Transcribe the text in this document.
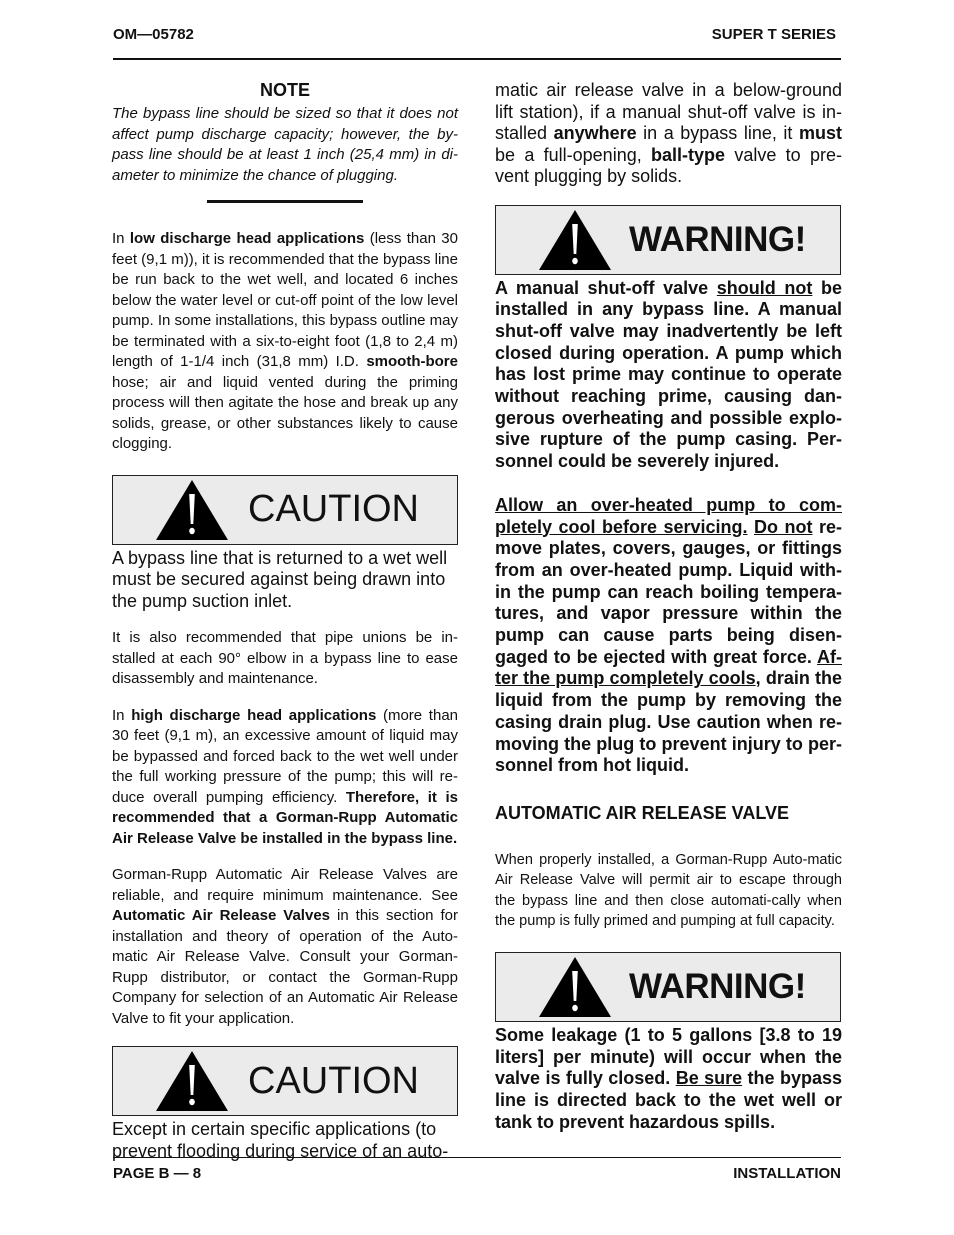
OM—05782	SUPER T SERIES

NOTE

The bypass line should be sized so that it does not affect pump discharge capacity; however, the by-pass line should be at least 1 inch (25,4 mm) in di-ameter to minimize the chance of plugging.

In low discharge head applications (less than 30 feet (9,1 m)), it is recommended that the bypass line be run back to the wet well, and located 6 inches below the water level or cut-off point of the low level pump. In some installations, this bypass outline may be terminated with a six-to-eight foot (1,8 to 2,4 m) length of 1-1/4 inch (31,8 mm) I.D. smooth-bore hose; air and liquid vented during the priming process will then agitate the hose and break up any solids, grease, or other substances likely to cause clogging.

CAUTION

A bypass line that is returned to a wet well must be secured against being drawn into the pump suction inlet.

It is also recommended that pipe unions be in-stalled at each 90° elbow in a bypass line to ease disassembly and maintenance.

In high discharge head applications (more than 30 feet (9,1 m), an excessive amount of liquid may be bypassed and forced back to the wet well under the full working pressure of the pump; this will re-duce overall pumping efficiency. Therefore, it is recommended that a Gorman-Rupp Automatic Air Release Valve be installed in the bypass line.

Gorman-Rupp Automatic Air Release Valves are reliable, and require minimum maintenance. See Automatic Air Release Valves in this section for installation and theory of operation of the Auto-matic Air Release Valve. Consult your Gorman-Rupp distributor, or contact the Gorman-Rupp Company for selection of an Automatic Air Release Valve to fit your application.

CAUTION

Except in certain specific applications (to prevent flooding during service of an auto-

matic air release valve in a below-ground lift station), if a manual shut-off valve is in-stalled anywhere in a bypass line, it must be a full-opening, ball-type valve to pre-vent plugging by solids.

WARNING!

A manual shut-off valve should not be installed in any bypass line. A manual shut-off valve may inadvertently be left closed during operation. A pump which has lost prime may continue to operate without reaching prime, causing dan-gerous overheating and possible explo-sive rupture of the pump casing. Per-sonnel could be severely injured.

Allow an over-heated pump to com-pletely cool before servicing. Do not re-move plates, covers, gauges, or fittings from an over-heated pump. Liquid with-in the pump can reach boiling tempera-tures, and vapor pressure within the pump can cause parts being disen-gaged to be ejected with great force. Af-ter the pump completely cools, drain the liquid from the pump by removing the casing drain plug. Use caution when re-moving the plug to prevent injury to per-sonnel from hot liquid.

AUTOMATIC AIR RELEASE VALVE

When properly installed, a Gorman-Rupp Auto-matic Air Release Valve will permit air to escape through the bypass line and then close automati-cally when the pump is fully primed and pumping at full capacity.

WARNING!

Some leakage (1 to 5 gallons [3.8 to 19 liters] per minute) will occur when the valve is fully closed. Be sure the bypass line is directed back to the wet well or tank to prevent hazardous spills.

PAGE B — 8	INSTALLATION
